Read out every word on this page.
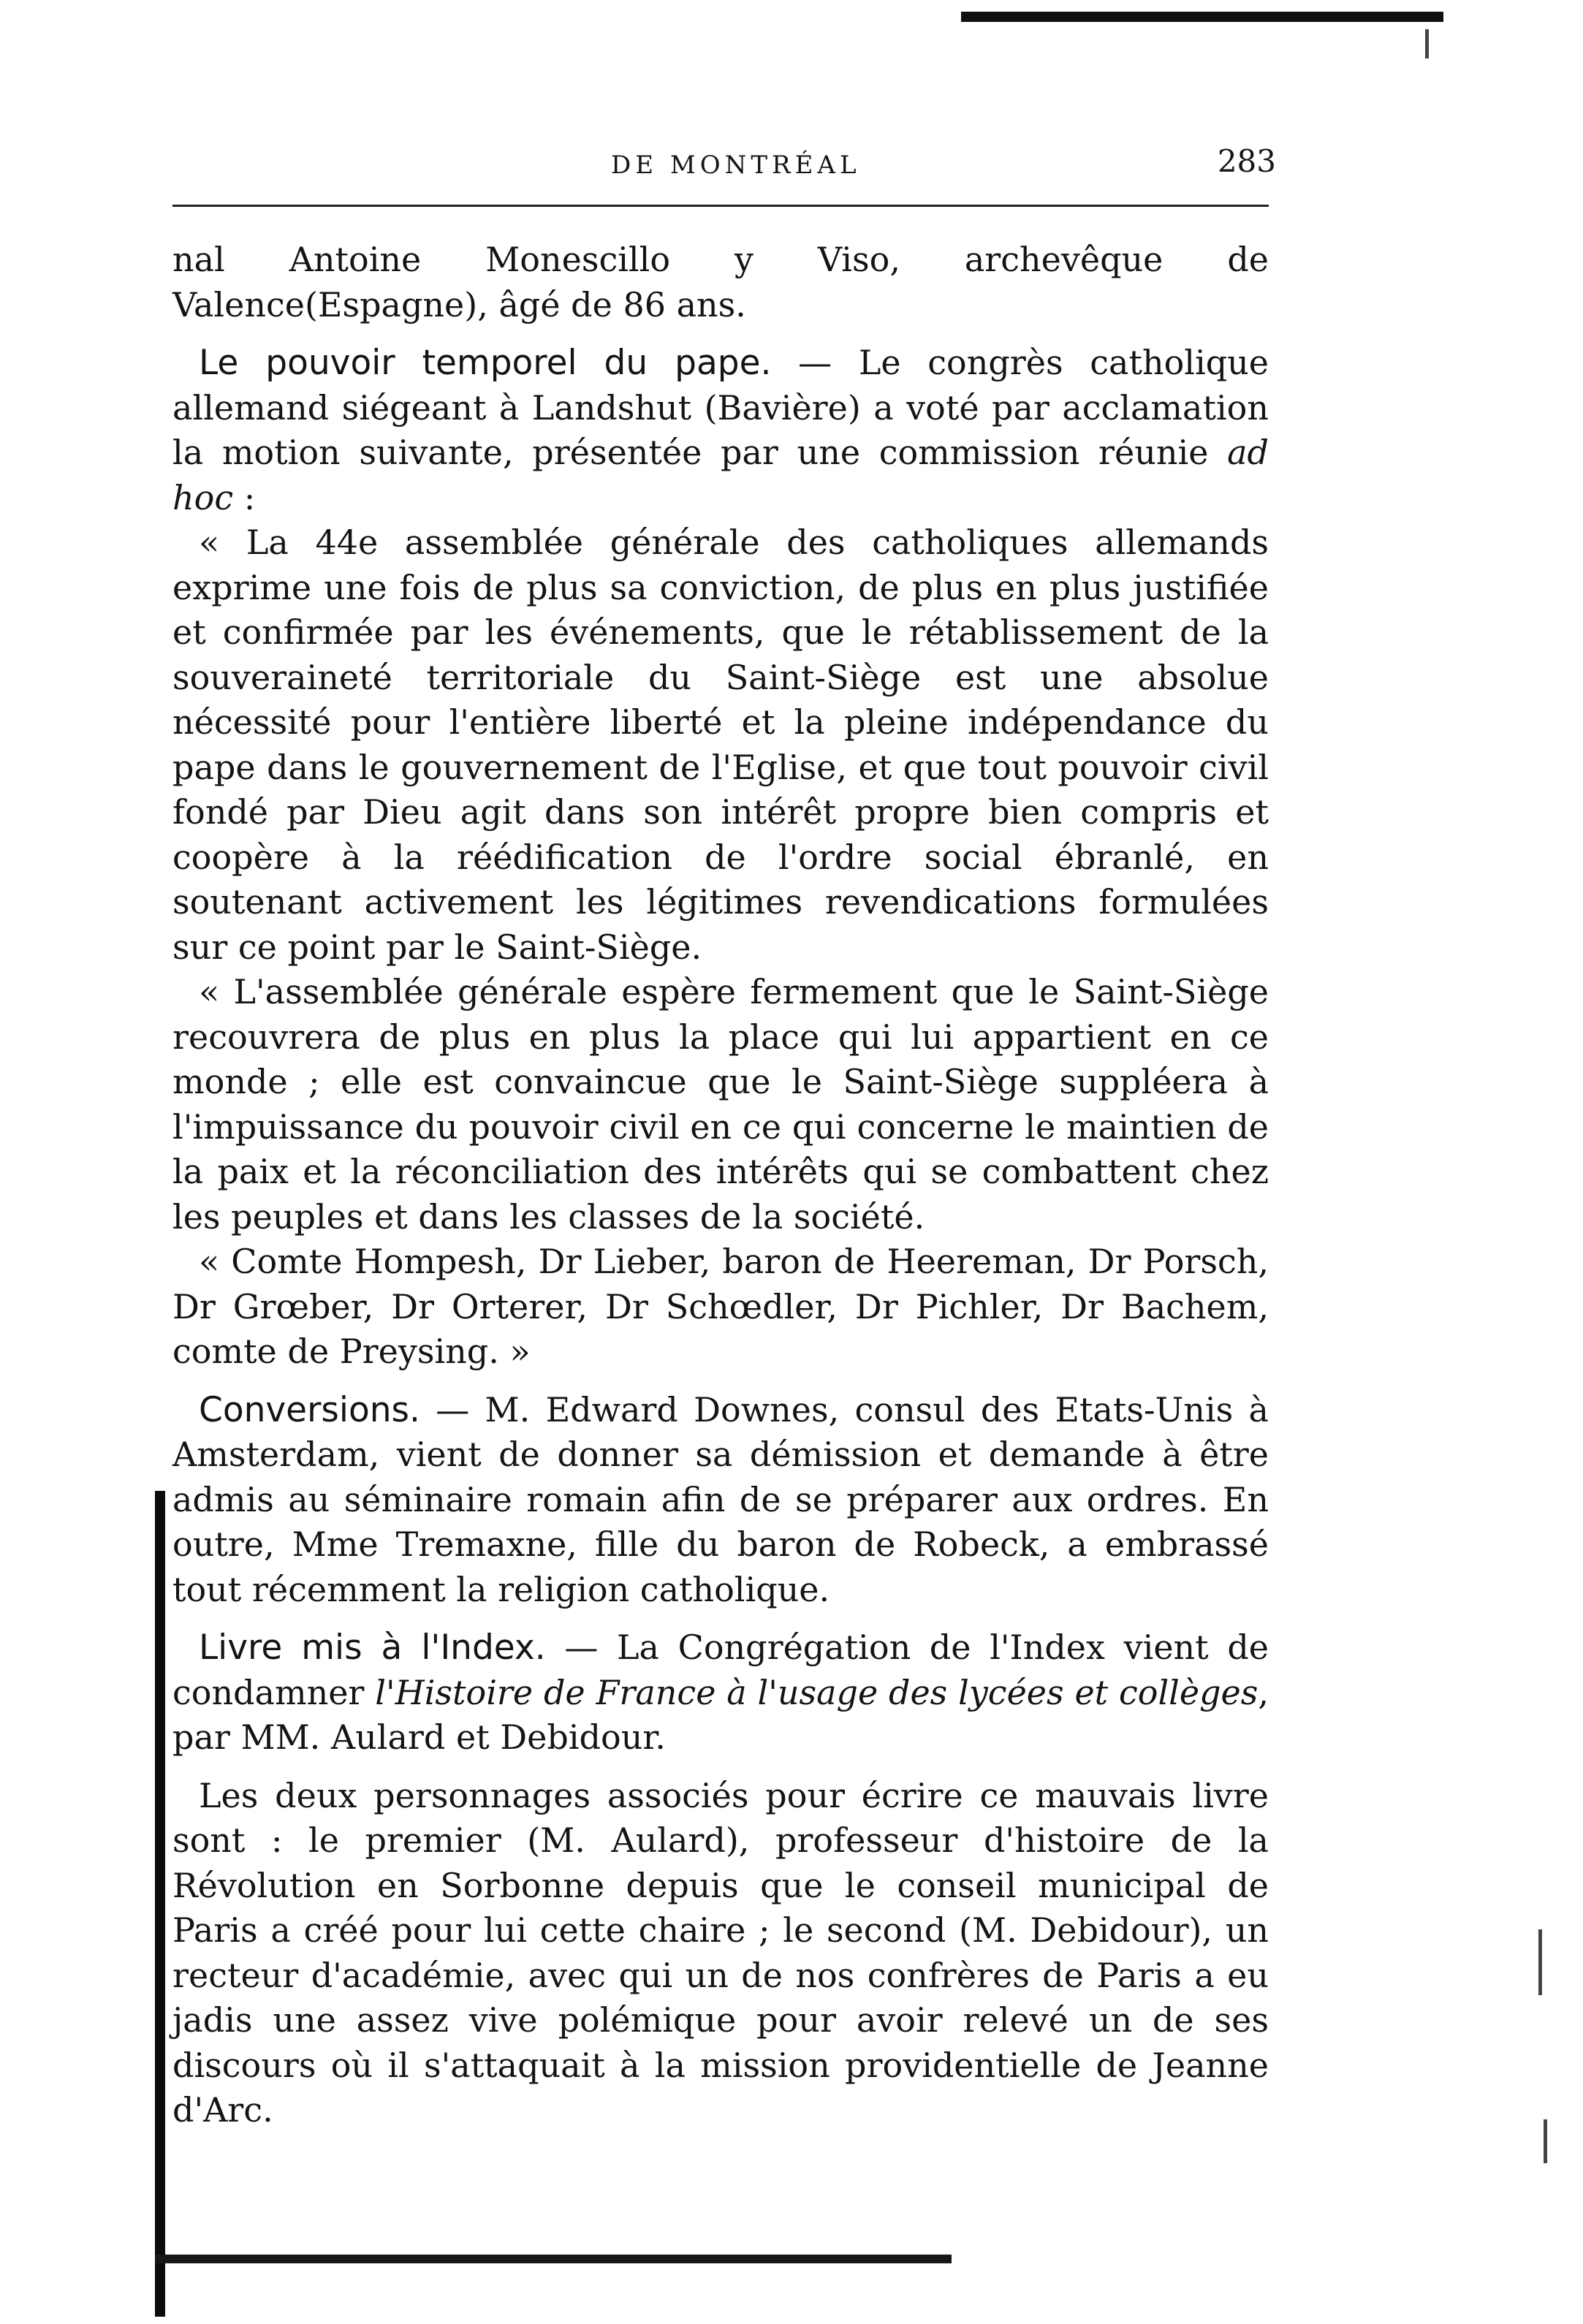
DE MONTRÉAL	283

nal Antoine Monescillo y Viso, archevêque de Valence(Espagne), âgé de 86 ans.

Le pouvoir temporel du pape. — Le congrès catholique allemand siégeant à Landshut (Bavière) a voté par acclamation la motion suivante, présentée par une commission réunie ad hoc :

« La 44e assemblée générale des catholiques allemands exprime une fois de plus sa conviction, de plus en plus justifiée et confirmée par les événements, que le rétablissement de la souveraineté territoriale du Saint-Siège est une absolue nécessité pour l'entière liberté et la pleine indépendance du pape dans le gouvernement de l'Eglise, et que tout pouvoir civil fondé par Dieu agit dans son intérêt propre bien compris et coopère à la réédification de l'ordre social ébranlé, en soutenant activement les légitimes revendications formulées sur ce point par le Saint-Siège.

« L'assemblée générale espère fermement que le Saint-Siège recouvrera de plus en plus la place qui lui appartient en ce monde ; elle est convaincue que le Saint-Siège suppléera à l'impuissance du pouvoir civil en ce qui concerne le maintien de la paix et la réconciliation des intérêts qui se combattent chez les peuples et dans les classes de la société.

« Comte Hompesh, Dr Lieber, baron de Heereman, Dr Porsch, Dr Grœber, Dr Orterer, Dr Schœdler, Dr Pichler, Dr Bachem, comte de Preysing. »

Conversions. — M. Edward Downes, consul des Etats-Unis à Amsterdam, vient de donner sa démission et demande à être admis au séminaire romain afin de se préparer aux ordres. En outre, Mme Tremaxne, fille du baron de Robeck, a embrassé tout récemment la religion catholique.

Livre mis à l'Index. — La Congrégation de l'Index vient de condamner l'Histoire de France à l'usage des lycées et collèges, par MM. Aulard et Debidour.

Les deux personnages associés pour écrire ce mauvais livre sont : le premier (M. Aulard), professeur d'histoire de la Révolution en Sorbonne depuis que le conseil municipal de Paris a créé pour lui cette chaire ; le second (M. Debidour), un recteur d'académie, avec qui un de nos confrères de Paris a eu jadis une assez vive polémique pour avoir relevé un de ses discours où il s'attaquait à la mission providentielle de Jeanne d'Arc.
